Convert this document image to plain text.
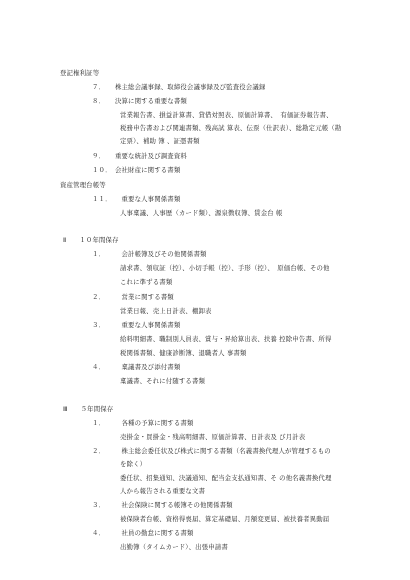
登記権利証等
７．　　株主総会議事録、取締役会議事録及び監査役会議録
８．　　決算に関する重要な書類
営業報告書、損益計算書、貸借対照表、原価計算書、　有価証券報告書、
税務申告書および関連書類、残高試 算表、伝票（仕訳表）、総勘定元帳（勘
定票）、補助 簿 、証憑書類
９．　　重要な統計及び調査資料
１０．　会社財産に関する書類
資産管理台帳等
１１．　　重要な人事関係書類
人事稟議、人事歴（カード類）、源泉徴収簿、賃金台 帳
Ⅱ　　１０年間保存
１．　　　会計帳簿及びその他関係書類
請求書、領収証（控）、小切手帳（控）、手形（控）、　原価台帳、その他
これに準ずる書類
２．　　　営業に関する書類
営業日報、売上日計表、棚卸表
３．　　　重要な人事関係書類
給料明細書、職制別人員表、賞与・昇給算出表、扶養 控除申告書、所得
税関係書類、健康診断簿、退職者人 事書類
４．　　　稟議書及び添付書類
稟議書、それに付随する書類
Ⅲ　　５年間保存
１．　　　各種の予算に関する書類
売掛金・買掛金・残高明細書、原価計算書、日計表及 び月計表
２．　　　株主総会委任状及び株式に関する書類（名義書換代理人が管理するもの
を除く）
委任状、招集通知、決議通知、配当金支払通知書、そ の他名義書換代理
人から報告される重要な文書
３．　　　社会保険に関する帳簿その他関係書類
被保険者台帳、資格得喪届、算定基礎届、月額変更届、被扶養者異動届
４．　　　社員の勤怠に関する書類
出勤簿（タイムカード）、出張申請書
